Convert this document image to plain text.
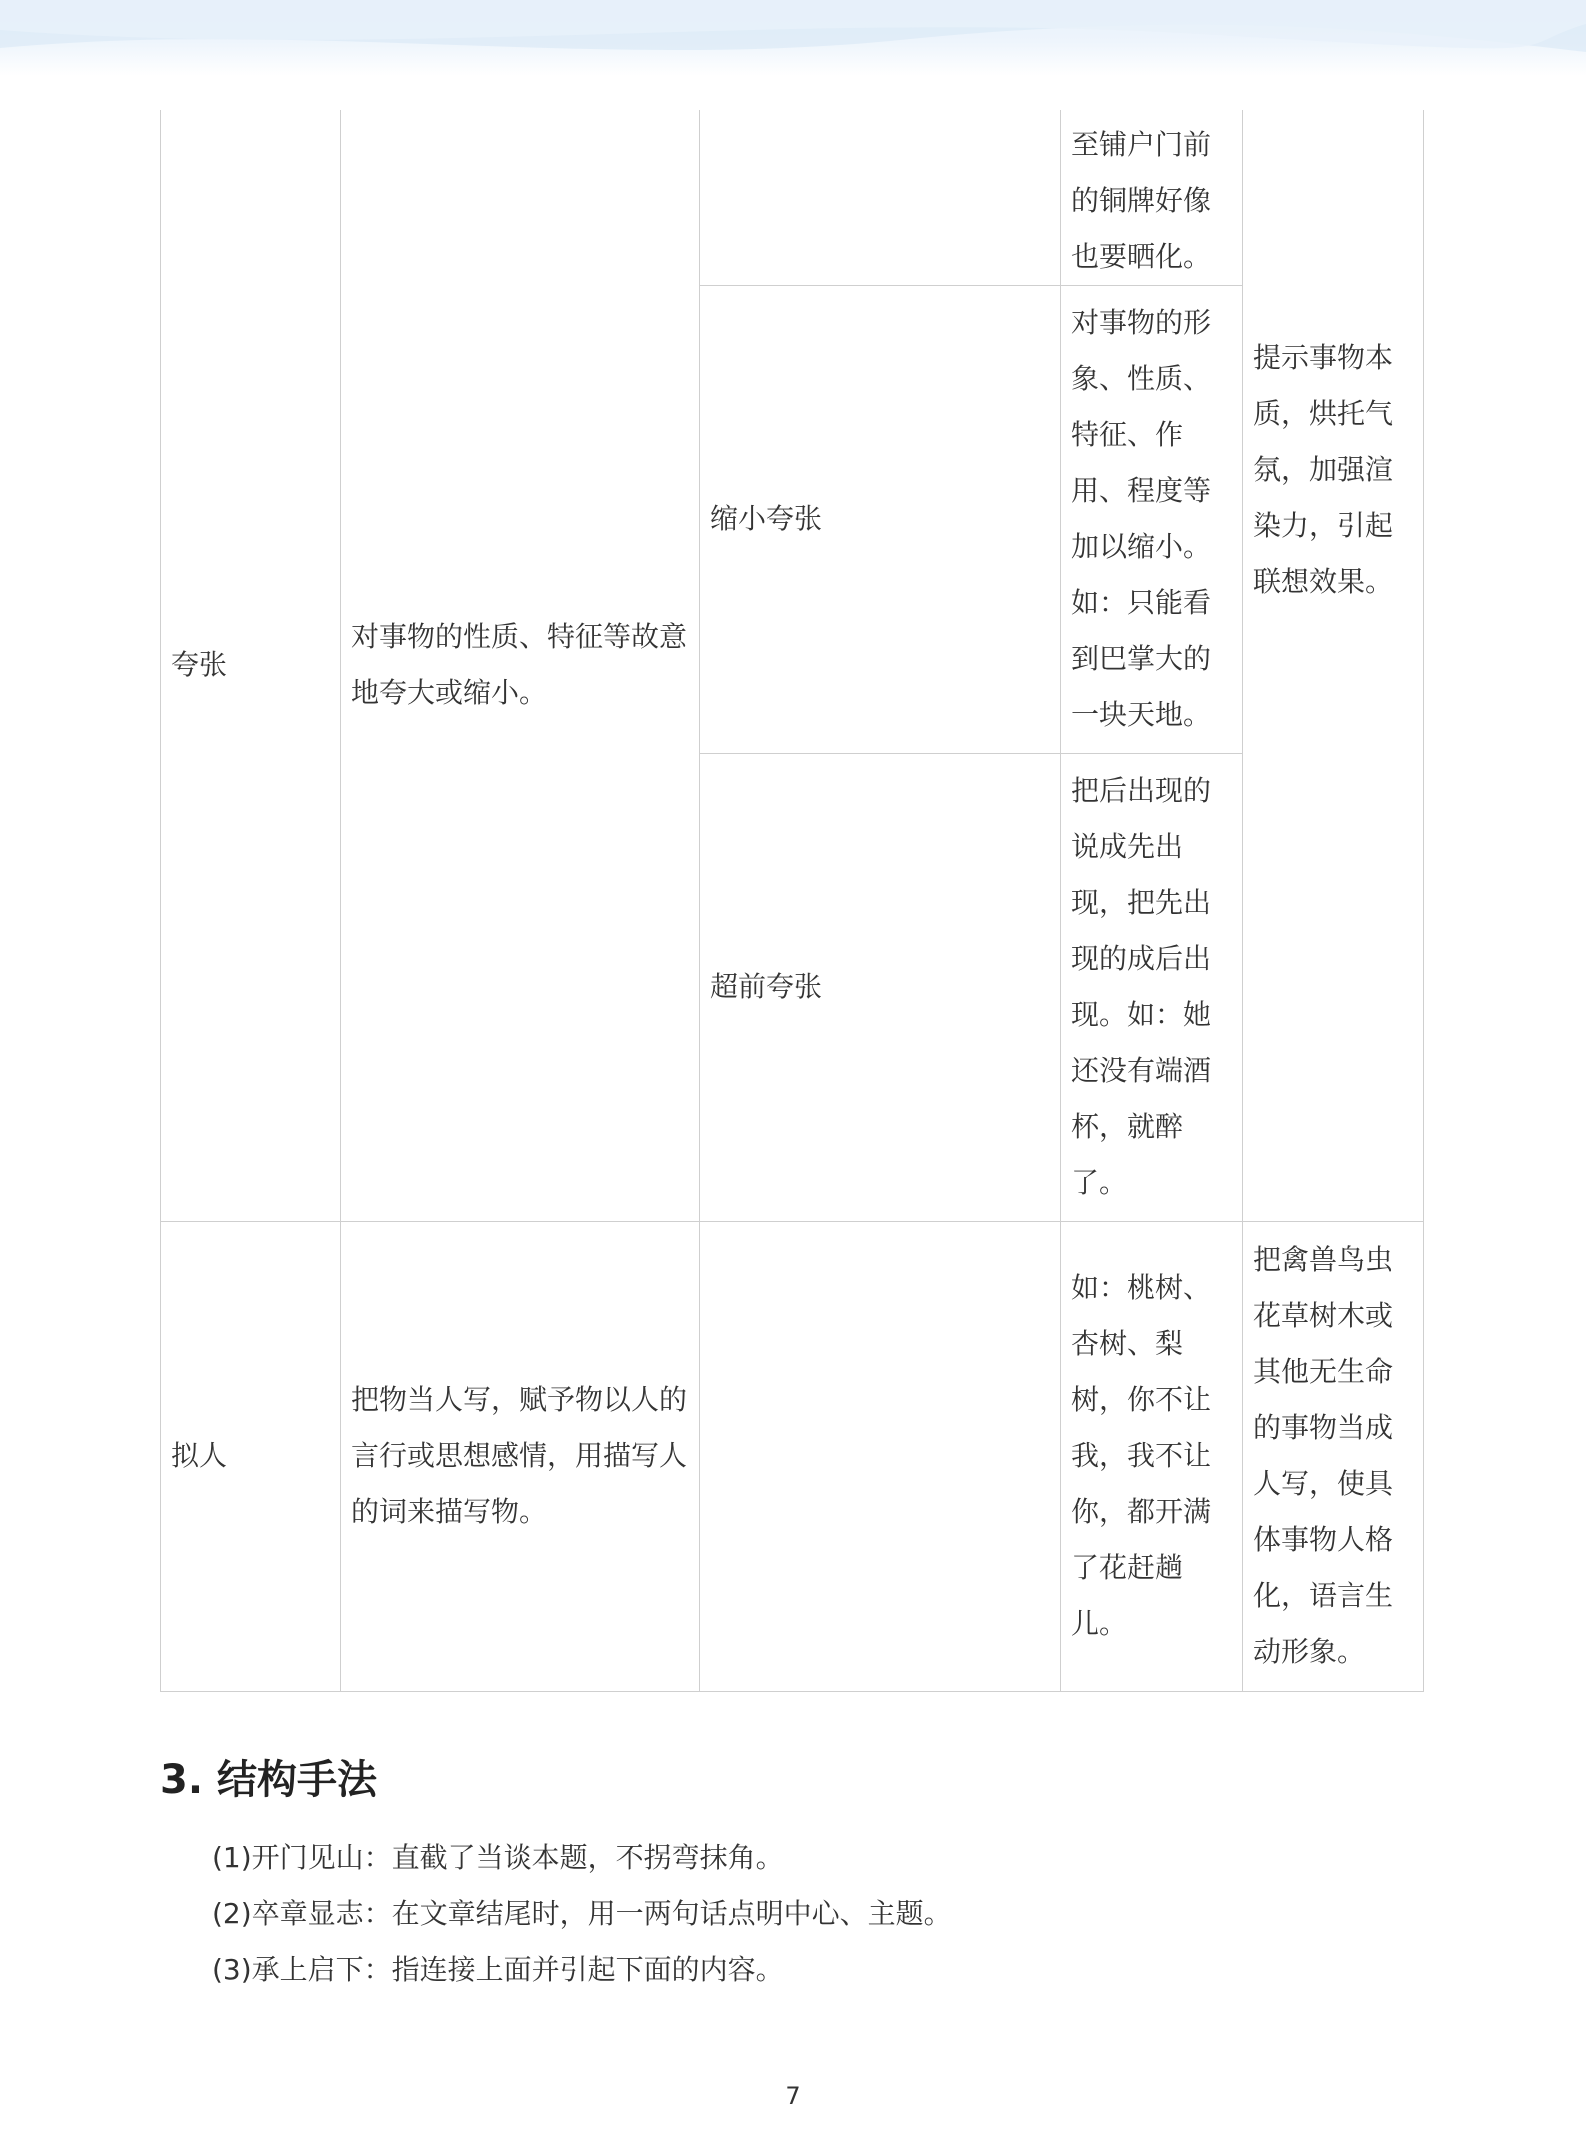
夸张	对事物的性质、特征等故意地夸大或缩小。		至铺户门前的铜牌好像也要晒化。	提示事物本质，烘托气氛，加强渲染力，引起联想效果。

		缩小夸张	对事物的形象、性质、特征、作用、程度等加以缩小。如：只能看到巴掌大的一块天地。	

		超前夸张	把后出现的说成先出现，把先出现的成后出现。如：她还没有端酒杯，就醉了。	

拟人	把物当人写，赋予物以人的言行或思想感情，用描写人的词来描写物。		如：桃树、杏树、梨树，你不让我，我不让你，都开满了花赶趟儿。	把禽兽鸟虫花草树木或其他无生命的事物当成人写，使具体事物人格化，语言生动形象。
3. 结构手法
(1)开门见山：直截了当谈本题，不拐弯抹角。
(2)卒章显志：在文章结尾时，用一两句话点明中心、主题。
(3)承上启下：指连接上面并引起下面的内容。
7
